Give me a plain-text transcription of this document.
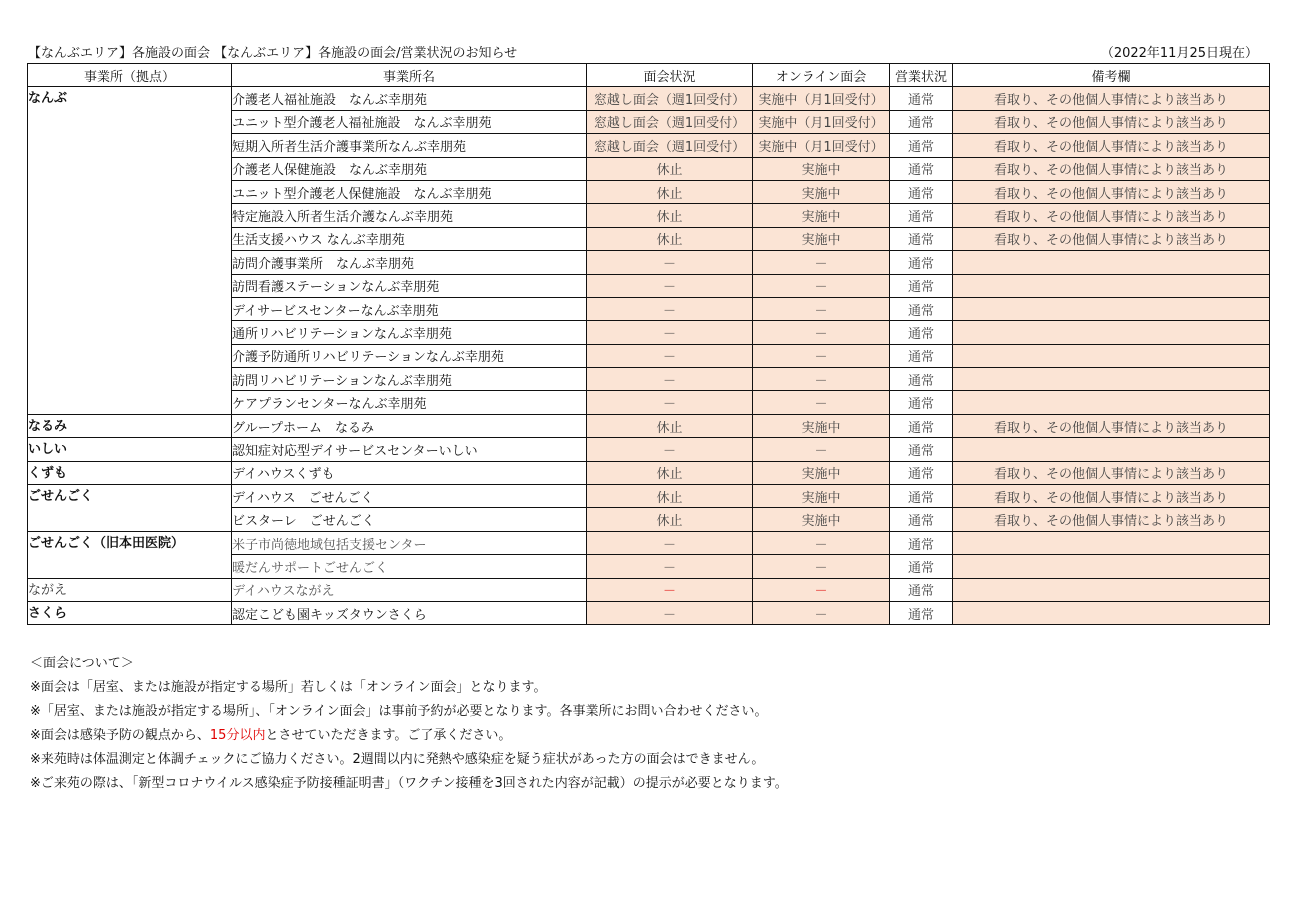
【なんぶエリア】各施設の面会 【なんぶエリア】各施設の面会/営業状況のお知らせ	（2022年11月25日現在）
事業所（拠点）	事業所名	面会状況	オンライン面会	営業状況	備考欄
なんぶ	介護老人福祉施設　なんぶ幸朋苑	窓越し面会（週1回受付）	実施中（月1回受付）	通常	看取り、その他個人事情により該当あり
	ユニット型介護老人福祉施設　なんぶ幸朋苑	窓越し面会（週1回受付）	実施中（月1回受付）	通常	看取り、その他個人事情により該当あり
	短期入所者生活介護事業所なんぶ幸朋苑	窓越し面会（週1回受付）	実施中（月1回受付）	通常	看取り、その他個人事情により該当あり
	介護老人保健施設　なんぶ幸朋苑	休止	実施中	通常	看取り、その他個人事情により該当あり
	ユニット型介護老人保健施設　なんぶ幸朋苑	休止	実施中	通常	看取り、その他個人事情により該当あり
	特定施設入所者生活介護なんぶ幸朋苑	休止	実施中	通常	看取り、その他個人事情により該当あり
	生活支援ハウス なんぶ幸朋苑	休止	実施中	通常	看取り、その他個人事情により該当あり
	訪問介護事業所　なんぶ幸朋苑	－	－	通常	
	訪問看護ステーションなんぶ幸朋苑	－	－	通常	
	デイサービスセンターなんぶ幸朋苑	－	－	通常	
	通所リハビリテーションなんぶ幸朋苑	－	－	通常	
	介護予防通所リハビリテーションなんぶ幸朋苑	－	－	通常	
	訪問リハビリテーションなんぶ幸朋苑	－	－	通常	
	ケアプランセンターなんぶ幸朋苑	－	－	通常	
なるみ	グループホーム　なるみ	休止	実施中	通常	看取り、その他個人事情により該当あり
いしい	認知症対応型デイサービスセンターいしい	－	－	通常	
くずも	デイハウスくずも	休止	実施中	通常	看取り、その他個人事情により該当あり
ごせんごく	デイハウス　ごせんごく	休止	実施中	通常	看取り、その他個人事情により該当あり
	ビスターレ　ごせんごく	休止	実施中	通常	看取り、その他個人事情により該当あり
ごせんごく（旧本田医院）	米子市尚徳地域包括支援センター	－	－	通常	
	暖だんサポートごせんごく	－	－	通常	
ながえ	デイハウスながえ	－	－	通常	
さくら	認定こども園キッズタウンさくら	－	－	通常	
＜面会について＞
※面会は「居室、または施設が指定する場所」若しくは「オンライン面会」となります。
※「居室、または施設が指定する場所」、「オンライン面会」は事前予約が必要となります。各事業所にお問い合わせください。
※面会は感染予防の観点から、15分以内とさせていただきます。ご了承ください。
※来苑時は体温測定と体調チェックにご協力ください。2週間以内に発熱や感染症を疑う症状があった方の面会はできません。
※ご来苑の際は、「新型コロナウイルス感染症予防接種証明書」（ワクチン接種を3回された内容が記載）の提示が必要となります。
